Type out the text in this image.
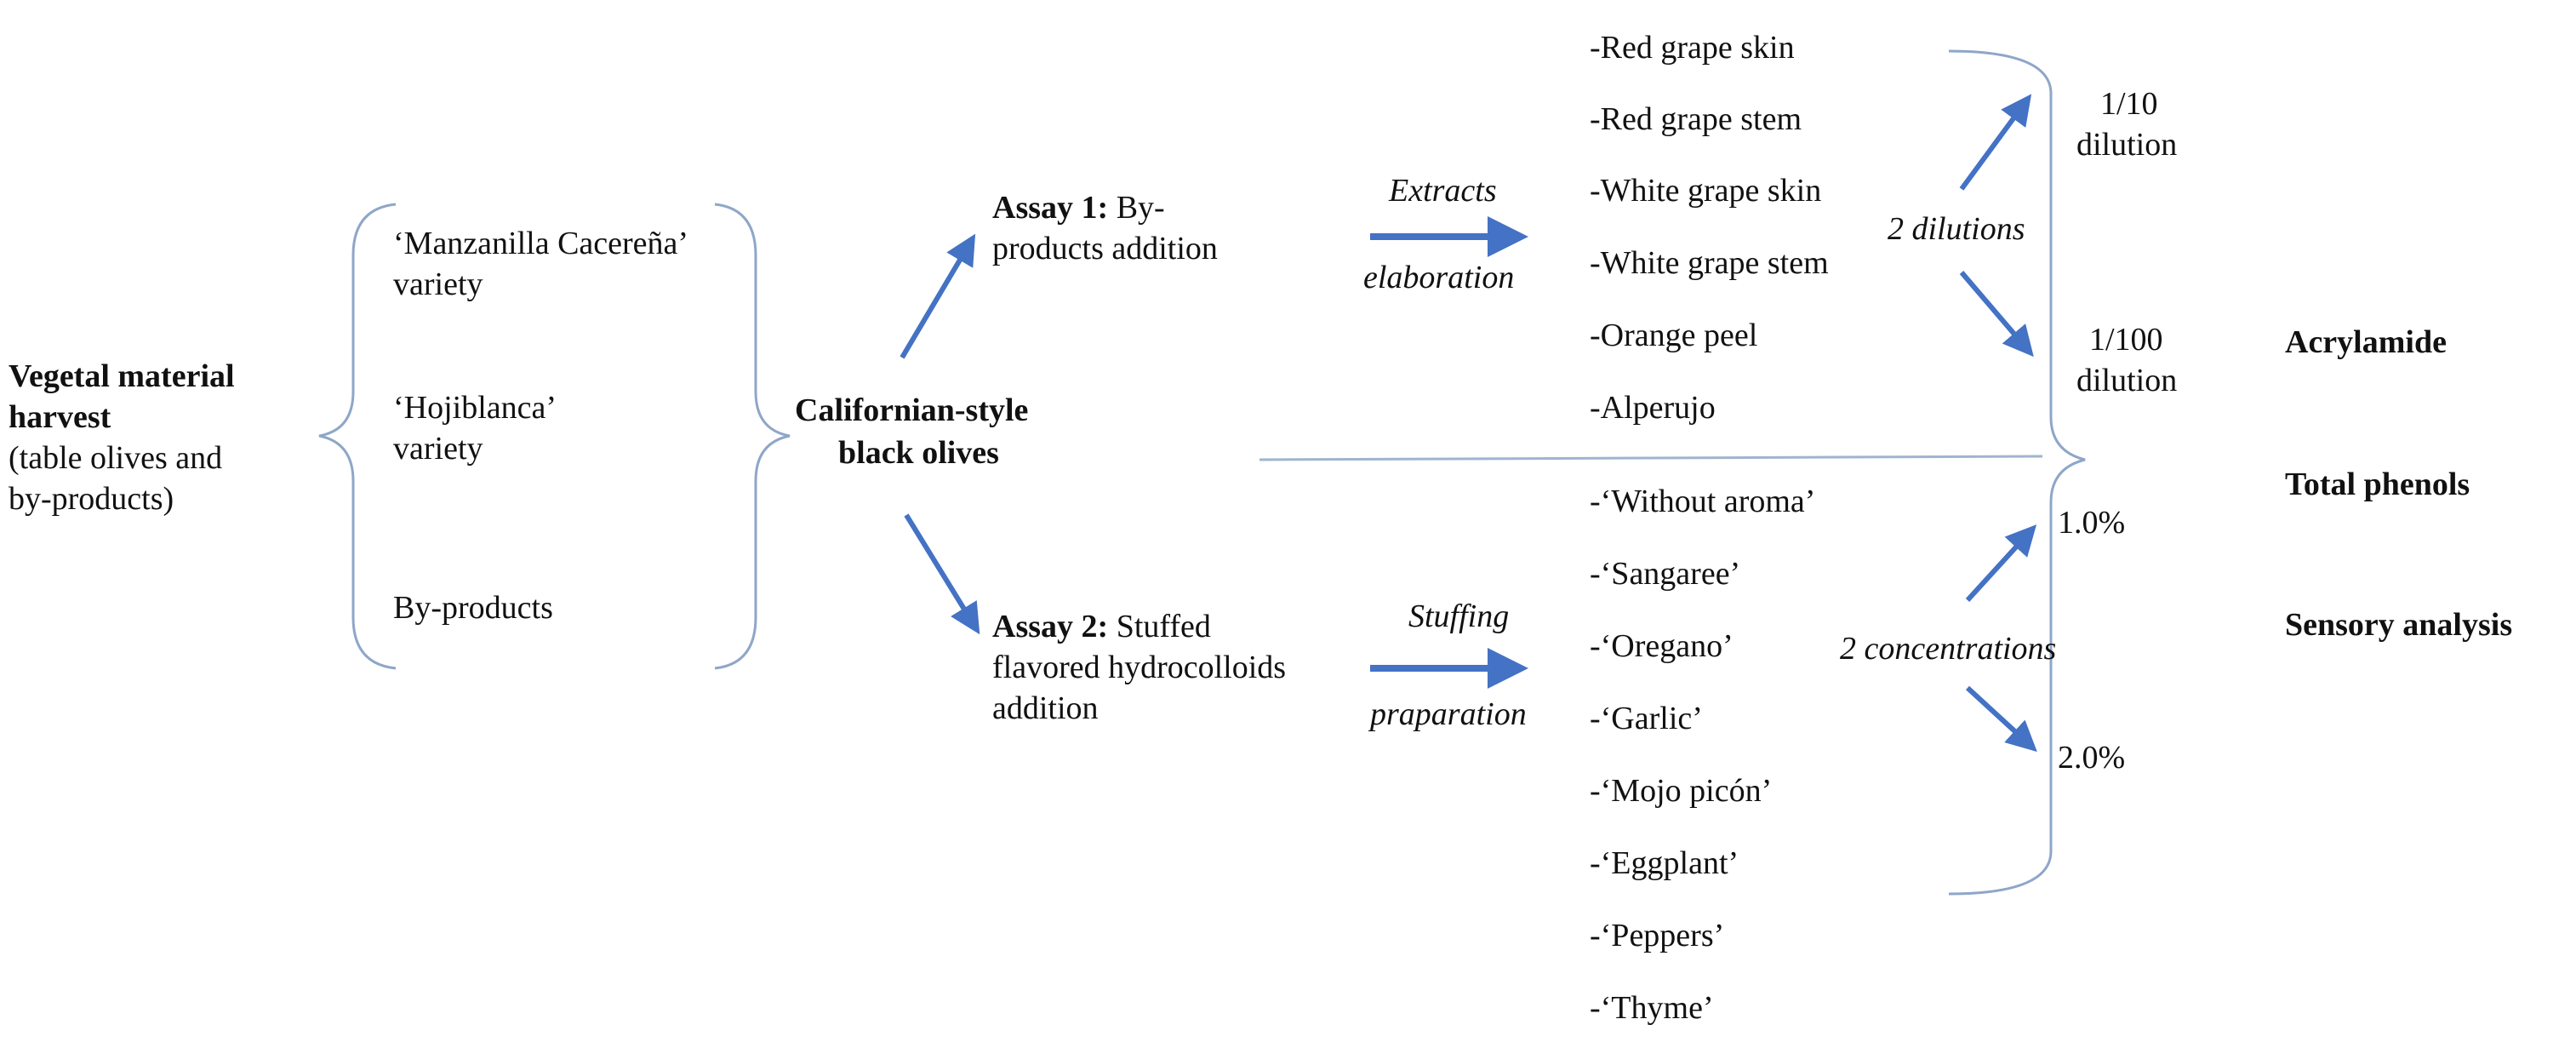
Vegetal material
harvest
(table olives and
by-products)
‘Manzanilla Cacereña’
variety
‘Hojiblanca’
variety
By-products
Californian-style
black olives
Assay 1: By-
products addition
Extracts
elaboration
-Red grape skin
-Red grape stem
-White grape skin
-White grape stem
-Orange peel
-Alperujo
2 dilutions
1/10
dilution
1/100
dilution
Assay 2: Stuffed
flavored hydrocolloids
addition
Stuffing
praparation
-‘Without aroma’
-‘Sangaree’
-‘Oregano’
-‘Garlic’
-‘Mojo picón’
-‘Eggplant’
-‘Peppers’
-‘Thyme’
2 concentrations
1.0%
2.0%
Acrylamide
Total phenols
Sensory analysis
